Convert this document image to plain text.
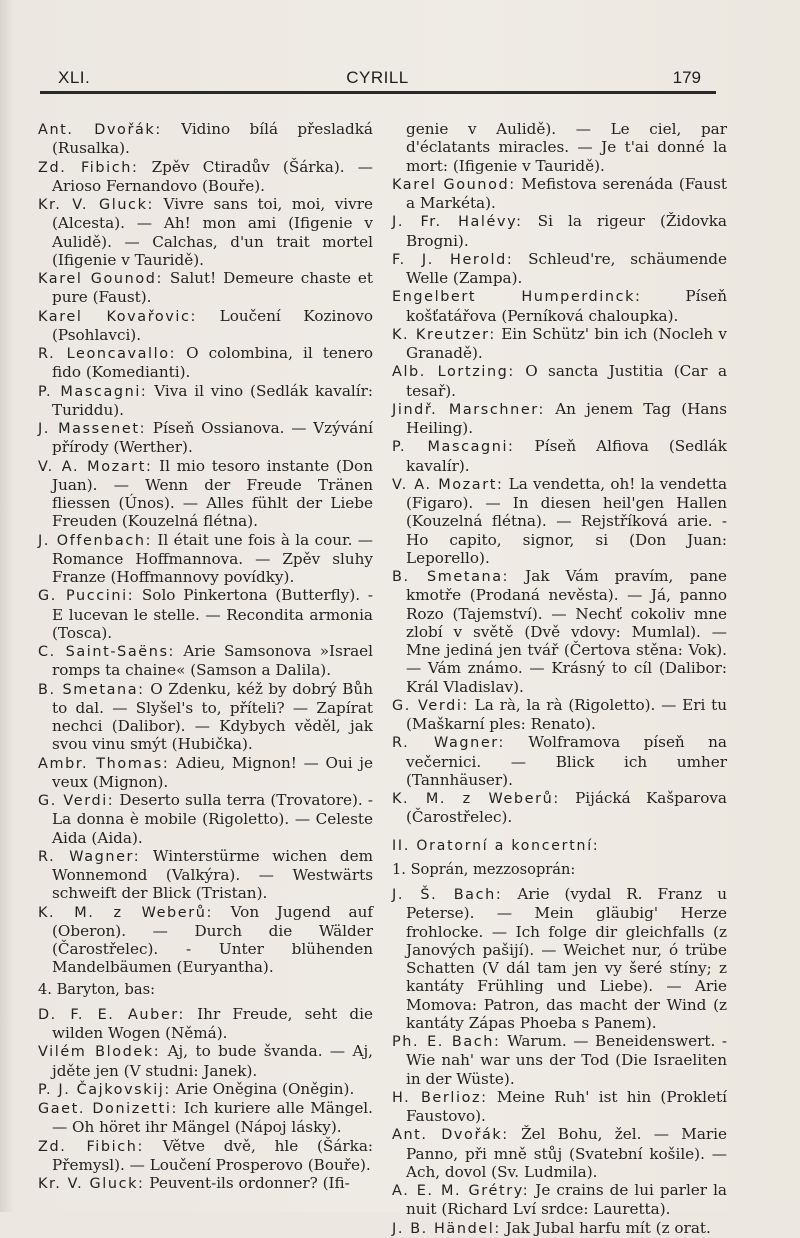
XLI.	CYRILL	179

Ant. Dvořák: Vidino bílá přesladká (Rusalka).

Zd. Fibich: Zpěv Ctiradův (Šárka). — Arioso Fernandovo (Bouře).

Kr. V. Gluck: Vivre sans toi, moi, vivre (Alcesta). — Ah! mon ami (Ifigenie v Aulidě). — Calchas, d'un trait mortel (Ifigenie v Tauridě).

Karel Gounod: Salut! Demeure chaste et pure (Faust).

Karel Kovařovic: Loučení Kozinovo (Psohlavci).

R. Leoncavallo: O colombina, il tenero fido (Komedianti).

P. Mascagni: Viva il vino (Sedlák kavalír: Turiddu).

J. Massenet: Píseň Ossianova. — Vzývání přírody (Werther).

V. A. Mozart: Il mio tesoro instante (Don Juan). — Wenn der Freude Tränen fliessen (Únos). — Alles fühlt der Liebe Freuden (Kouzelná flétna).

J. Offenbach: Il était une fois à la cour. — Romance Hoffmannova. — Zpěv sluhy Franze (Hoffmannovy povídky).

G. Puccini: Solo Pinkertona (Butterfly). - E lucevan le stelle. — Recondita armonia (Tosca).

C. Saint-Saëns: Arie Samsonova »Israel romps ta chaine« (Samson a Dalila).

B. Smetana: O Zdenku, kéž by dobrý Bůh to dal. — Slyšel's to, příteli? — Zapírat nechci (Dalibor). — Kdybych věděl, jak svou vinu smýt (Hubička).

Ambr. Thomas: Adieu, Mignon! — Oui je veux (Mignon).

G. Verdi: Deserto sulla terra (Trovatore). - La donna è mobile (Rigoletto). — Celeste Aida (Aida).

R. Wagner: Winterstürme wichen dem Wonnemond (Valkýra). — Westwärts schweift der Blick (Tristan).

K. M. z Weberů: Von Jugend auf (Oberon). — Durch die Wälder (Čarostřelec). - Unter blühenden Mandelbäumen (Euryantha).

4. Baryton, bas:

D. F. E. Auber: Ihr Freude, seht die wilden Wogen (Němá).

Vilém Blodek: Aj, to bude švanda. — Aj, jděte jen (V studni: Janek).

P. J. Čajkovskij: Arie Oněgina (Oněgin).

Gaet. Donizetti: Ich kuriere alle Mängel. — Oh höret ihr Mängel (Nápoj lásky).

Zd. Fibich: Větve dvě, hle (Šárka: Přemysl). — Loučení Prosperovo (Bouře).

Kr. V. Gluck: Peuvent-ils ordonner? (Ifi-

genie v Aulidě). — Le ciel, par d'éclatants miracles. — Je t'ai donné la mort: (Ifigenie v Tauridě).

Karel Gounod: Mefistova serenáda (Faust a Markéta).

J. Fr. Halévy: Si la rigeur (Židovka Brogni).

F. J. Herold: Schleud're, schäumende Welle (Zampa).

Engelbert Humperdinck: Píseň košťatářova (Perníková chaloupka).

K. Kreutzer: Ein Schütz' bin ich (Nocleh v Granadě).

Alb. Lortzing: O sancta Justitia (Car a tesař).

Jindř. Marschner: An jenem Tag (Hans Heiling).

P. Mascagni: Píseň Alfiova (Sedlák kavalír).

V. A. Mozart: La vendetta, oh! la vendetta (Figaro). — In diesen heil'gen Hallen (Kouzelná flétna). — Rejstříková arie. - Ho capito, signor, si (Don Juan: Leporello).

B. Smetana: Jak Vám pravím, pane kmotře (Prodaná nevěsta). — Já, panno Rozo (Tajemství). — Nechť cokoliv mne zlobí v světě (Dvě vdovy: Mumlal). — Mne jediná jen tvář (Čertova stěna: Vok). — Vám známo. — Krásný to cíl (Dalibor: Král Vladislav).

G. Verdi: La rà, la rà (Rigoletto). — Eri tu (Maškarní ples: Renato).

R. Wagner: Wolframova píseň na večernici. — Blick ich umher (Tannhäuser).

K. M. z Weberů: Pijácká Kašparova (Čarostřelec).

II. Oratorní a koncertní:
1. Soprán, mezzosoprán:

J. Š. Bach: Arie (vydal R. Franz u Peterse). — Mein gläubig' Herze frohlocke. — Ich folge dir gleichfalls (z Janových pašijí). — Weichet nur, ó trübe Schatten (V dál tam jen vy šeré stíny; z kantáty Frühling und Liebe). — Arie Momova: Patron, das macht der Wind (z kantáty Zápas Phoeba s Panem).

Ph. E. Bach: Warum. — Beneidenswert. - Wie nah' war uns der Tod (Die Israeliten in der Wüste).

H. Berlioz: Meine Ruh' ist hin (Prokletí Faustovo).

Ant. Dvořák: Žel Bohu, žel. — Marie Panno, při mně stůj (Svatební košile). — Ach, dovol (Sv. Ludmila).

A. E. M. Grétry: Je crains de lui parler la nuit (Richard Lví srdce: Lauretta).

J. B. Händel: Jak Jubal harfu mít (z orat.
